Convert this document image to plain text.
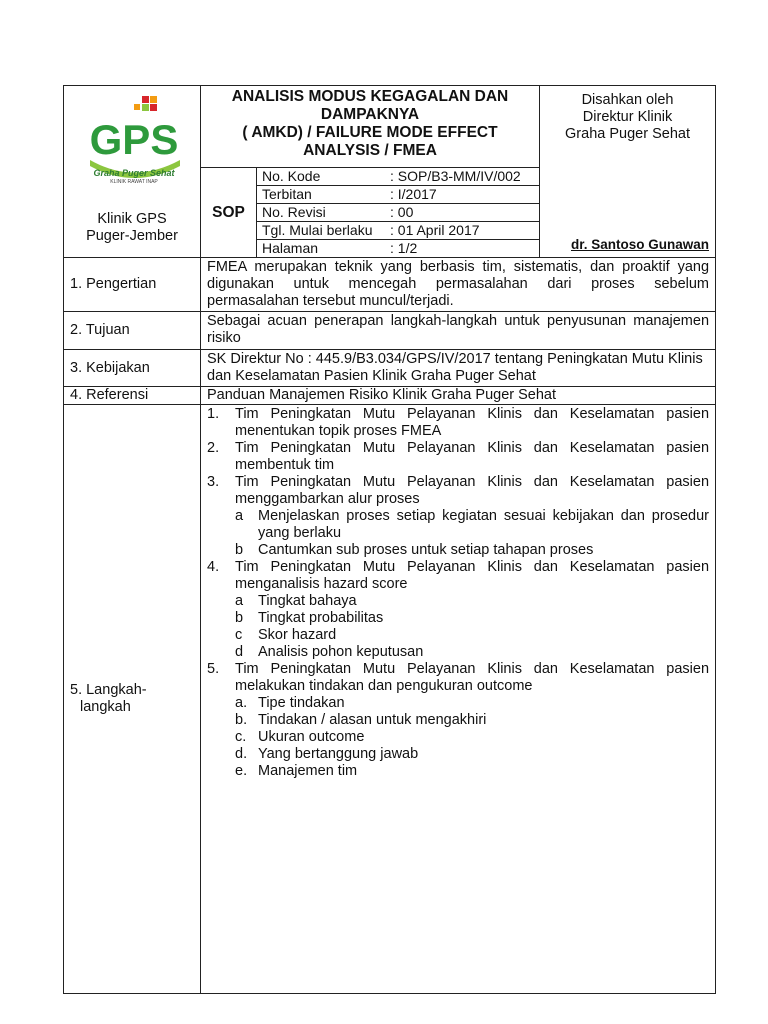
GPS
Graha Puger Sehat
KLINIK RAWAT INAP
Klinik GPS
Puger-Jember

ANALISIS MODUS KEGAGALAN DAN
DAMPAKNYA
( AMKD) / FAILURE MODE EFFECT
ANALYSIS / FMEA

Disahkan oleh
Direktur Klinik
Graha Puger Sehat
dr. Santoso Gunawan

SOP	
No. Kode	: SOP/B3-MM/IV/002
Terbitan	: I/2017
No. Revisi	: 00
Tgl. Mulai berlaku : 01 April 2017
Halaman	: 1/2

1. Pengertian	FMEA merupakan teknik yang berbasis tim, sistematis, dan proaktif yang digunakan untuk mencegah permasalahan dari proses sebelum permasalahan tersebut muncul/terjadi.
2. Tujuan	Sebagai acuan penerapan langkah-langkah untuk penyusunan manajemen risiko
3. Kebijakan	SK Direktur No : 445.9/B3.034/GPS/IV/2017 tentang Peningkatan Mutu Klinis dan Keselamatan Pasien Klinik Graha Puger Sehat
4. Referensi	Panduan Manajemen Risiko Klinik Graha Puger Sehat

5. Langkah-
langkah

1.	Tim Peningkatan Mutu Pelayanan Klinis dan Keselamatan pasien menentukan topik proses FMEA
2.	Tim Peningkatan Mutu Pelayanan Klinis dan Keselamatan pasien membentuk tim
3.	Tim Peningkatan Mutu Pelayanan Klinis dan Keselamatan pasien menggambarkan alur proses
a	Menjelaskan proses setiap kegiatan sesuai kebijakan dan prosedur yang berlaku
b	Cantumkan sub proses untuk setiap tahapan proses
4.	Tim Peningkatan Mutu Pelayanan Klinis dan Keselamatan pasien menganalisis hazard score
a	Tingkat bahaya
b	Tingkat probabilitas
c	Skor hazard
d	Analisis pohon keputusan
5.	Tim Peningkatan Mutu Pelayanan Klinis dan Keselamatan pasien melakukan tindakan dan pengukuran outcome
a. Tipe tindakan
b. Tindakan / alasan untuk mengakhiri
c. Ukuran outcome
d. Yang bertanggung jawab
e. Manajemen tim
